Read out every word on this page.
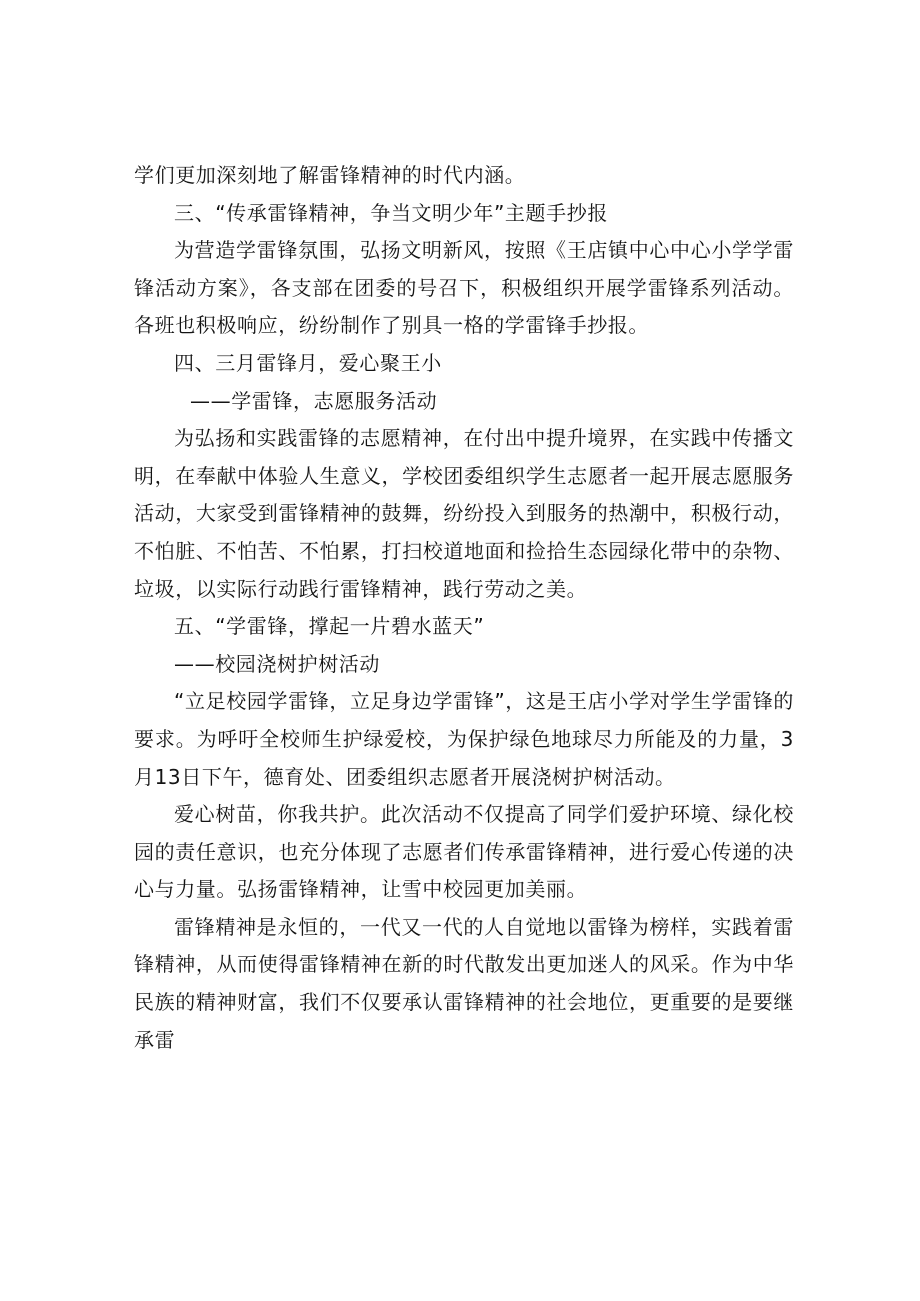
学们更加深刻地了解雷锋精神的时代内涵。

三、“传承雷锋精神，争当文明少年”主题手抄报

为营造学雷锋氛围，弘扬文明新风，按照《王店镇中心中心小学学雷锋活动方案》，各支部在团委的号召下，积极组织开展学雷锋系列活动。各班也积极响应，纷纷制作了别具一格的学雷锋手抄报。

四、三月雷锋月，爱心聚王小

——学雷锋，志愿服务活动

为弘扬和实践雷锋的志愿精神，在付出中提升境界，在实践中传播文明，在奉献中体验人生意义，学校团委组织学生志愿者一起开展志愿服务活动，大家受到雷锋精神的鼓舞，纷纷投入到服务的热潮中，积极行动，不怕脏、不怕苦、不怕累，打扫校道地面和捡拾生态园绿化带中的杂物、垃圾，以实际行动践行雷锋精神，践行劳动之美。

五、“学雷锋，撑起一片碧水蓝天”

——校园浇树护树活动

“立足校园学雷锋，立足身边学雷锋”，这是王店小学对学生学雷锋的要求。为呼吁全校师生护绿爱校，为保护绿色地球尽力所能及的力量，3月13日下午，德育处、团委组织志愿者开展浇树护树活动。

爱心树苗，你我共护。此次活动不仅提高了同学们爱护环境、绿化校园的责任意识，也充分体现了志愿者们传承雷锋精神，进行爱心传递的决心与力量。弘扬雷锋精神，让雪中校园更加美丽。

雷锋精神是永恒的，一代又一代的人自觉地以雷锋为榜样，实践着雷锋精神，从而使得雷锋精神在新的时代散发出更加迷人的风采。作为中华民族的精神财富，我们不仅要承认雷锋精神的社会地位，更重要的是要继承雷
